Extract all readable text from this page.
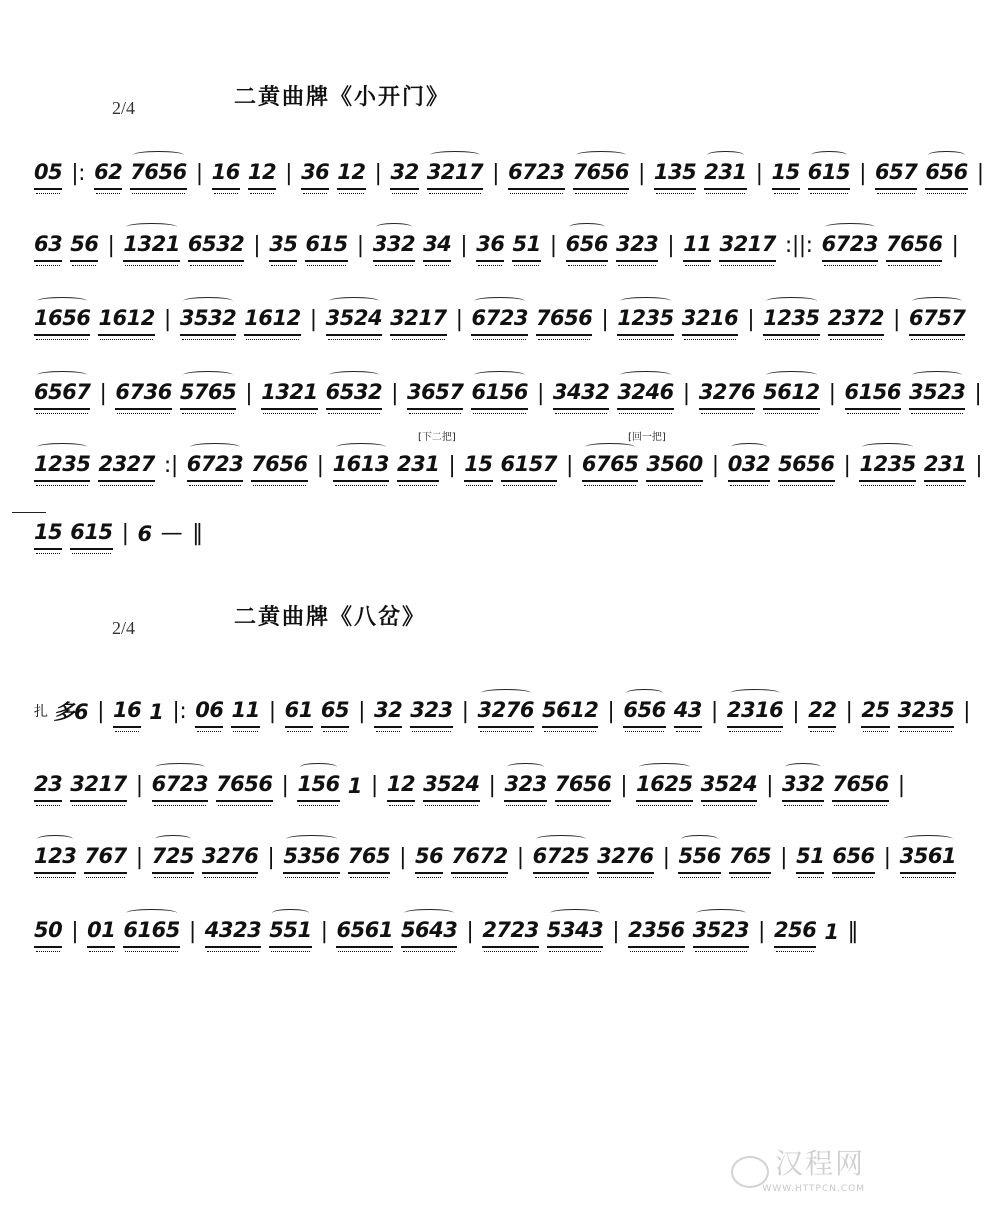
2/4	二黄曲牌《小开门》
05 |: 62 7656 | 16 12 | 36 12 | 32 3217 | 6723 7656 | 135 231 | 15 615 | 657 656 |
63 56 | 1321 6532 | 35 615 | 332 34 | 36 51 | 656 323 | 11 3217 :||: 6723 7656 |
1656 1612 | 3532 1612 | 3524 3217 | 6723 7656 | 1235 3216 | 1235 2372 | 6757
6567 | 6736 5765 | 1321 6532 | 3657 6156 | 3432 3246 | 3276 5612 | 6156 3523 |
[下二把]	[回一把]
1235 2327 :| 6723 7656 | 1613 231 | 15 6157 | 6765 3560 | 032 5656 | 1235 231 |
15 615 | 6 — ‖
2/4	二黄曲牌《八岔》
扎 多6 | 16 1 |: 06 11 | 61 65 | 32 323 | 3276 5612 | 656 43 | 2316 | 22 | 25 3235 |
23 3217 | 6723 7656 | 156 1 | 12 3524 | 323 7656 | 1625 3524 | 332 7656 |
123 767 | 725 3276 | 5356 765 | 56 7672 | 6725 3276 | 556 765 | 51 656 | 3561
50 | 01 6165 | 4323 551 | 6561 5643 | 2723 5343 | 2356 3523 | 256 1 ‖
汉程网
WWW.HTTPCN.COM
